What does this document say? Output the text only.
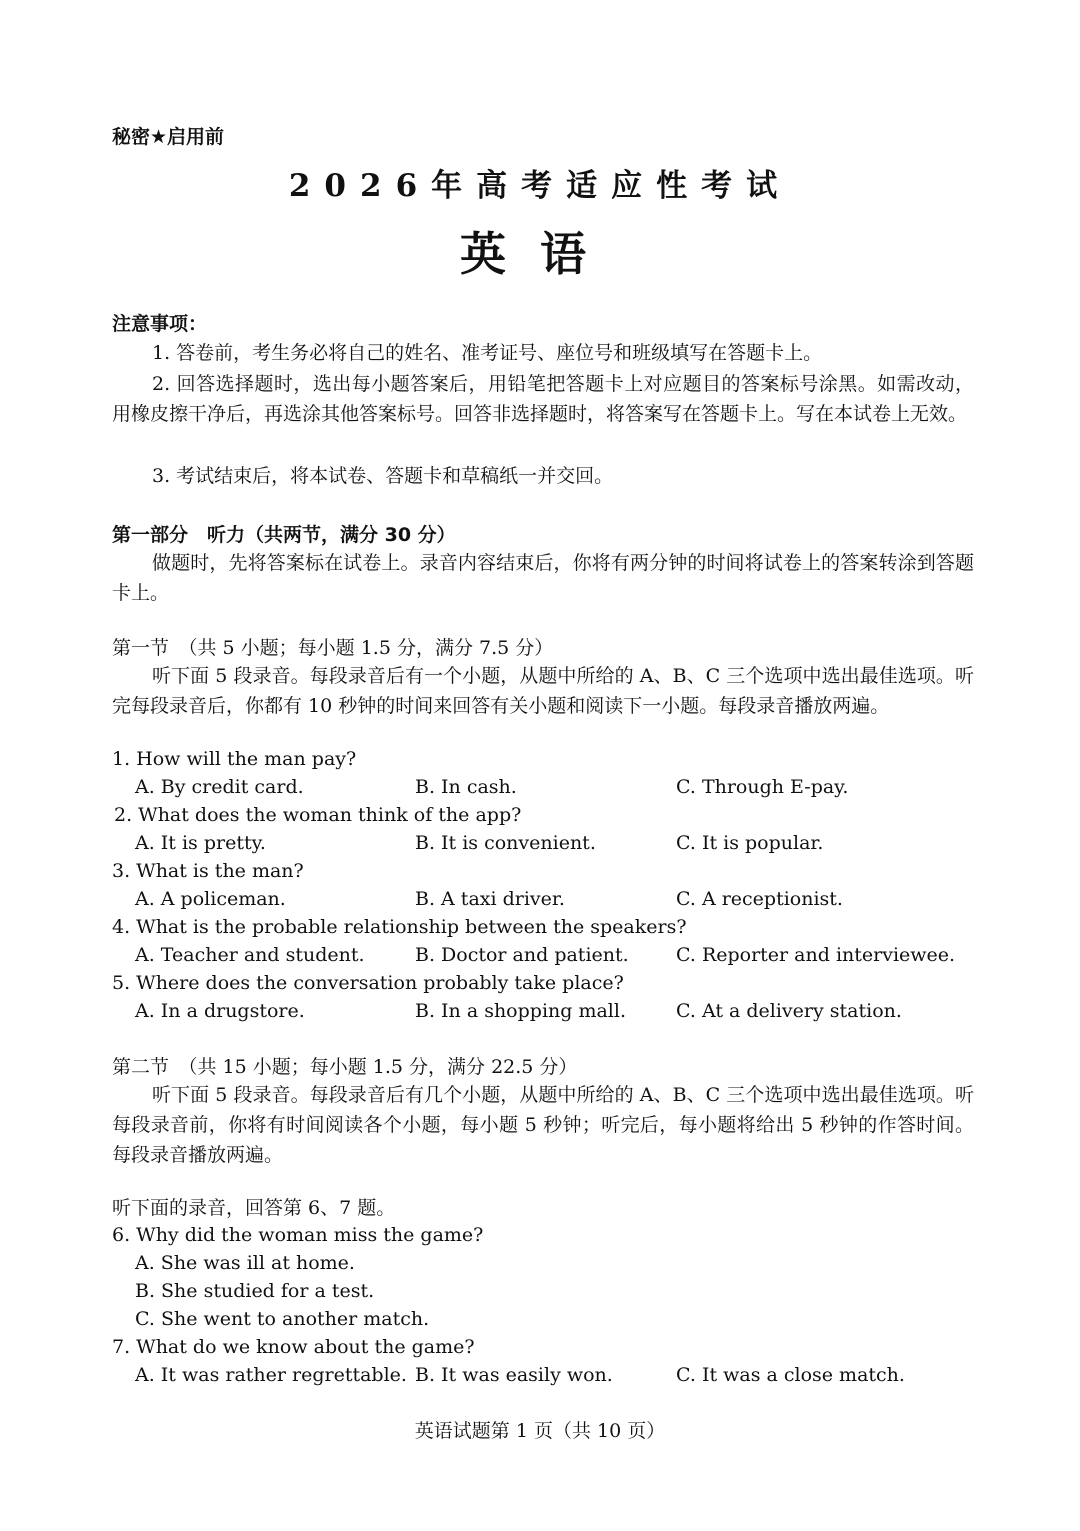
秘密★启用前
2026年高考适应性考试
英语
注意事项：
1. 答卷前，考生务必将自己的姓名、准考证号、座位号和班级填写在答题卡上。
2. 回答选择题时，选出每小题答案后，用铅笔把答题卡上对应题目的答案标号涂黑。如需改动，用橡皮擦干净后，再选涂其他答案标号。回答非选择题时，将答案写在答题卡上。写在本试卷上无效。
3. 考试结束后，将本试卷、答题卡和草稿纸一并交回。
第一部分　听力（共两节，满分 30 分）
做题时，先将答案标在试卷上。录音内容结束后，你将有两分钟的时间将试卷上的答案转涂到答题卡上。
第一节　（共 5 小题；每小题 1.5 分，满分 7.5 分）
听下面 5 段录音。每段录音后有一个小题，从题中所给的 A、B、C 三个选项中选出最佳选项。听完每段录音后，你都有 10 秒钟的时间来回答有关小题和阅读下一小题。每段录音播放两遍。
1. How will the man pay?
A. By credit card.	B. In cash.	C. Through E-pay.
2. What does the woman think of the app?
A. It is pretty.	B. It is convenient.	C. It is popular.
3. What is the man?
A. A policeman.	B. A taxi driver.	C. A receptionist.
4. What is the probable relationship between the speakers?
A. Teacher and student.	B. Doctor and patient. C. Reporter and interviewee.
5. Where does the conversation probably take place?
A. In a drugstore.	B. In a shopping mall.	C. At a delivery station.
第二节　（共 15 小题；每小题 1.5 分，满分 22.5 分）
听下面 5 段录音。每段录音后有几个小题，从题中所给的 A、B、C 三个选项中选出最佳选项。听每段录音前，你将有时间阅读各个小题，每小题 5 秒钟；听完后，每小题将给出 5 秒钟的作答时间。每段录音播放两遍。
听下面的录音，回答第 6、7 题。
6. Why did the woman miss the game?
A. She was ill at home.
B. She studied for a test.
C. She went to another match.
7. What do we know about the game?
A. It was rather regrettable. B. It was easily won.	C. It was a close match.
英语试题第 1 页（共 10 页）
